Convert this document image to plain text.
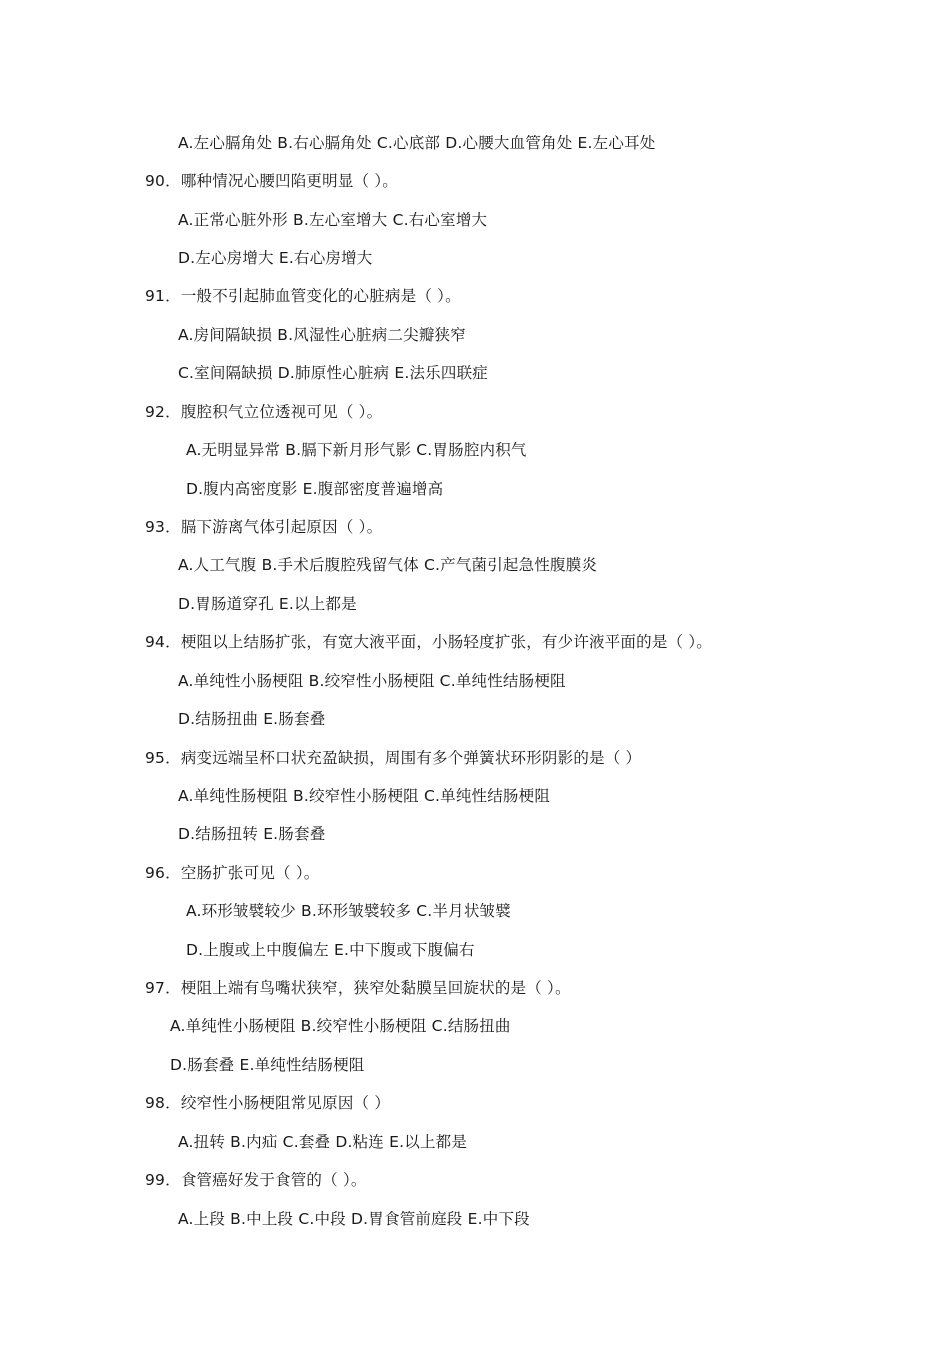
A.左心膈角处 B.右心膈角处 C.心底部 D.心腰大血管角处 E.左心耳处
90．哪种情况心腰凹陷更明显（ ）。
A.正常心脏外形 B.左心室增大 C.右心室增大
D.左心房增大 E.右心房增大
91．一般不引起肺血管变化的心脏病是（ ）。
A.房间隔缺损 B.风湿性心脏病二尖瓣狭窄
C.室间隔缺损 D.肺原性心脏病 E.法乐四联症
92．腹腔积气立位透视可见（ ）。
A.无明显异常 B.膈下新月形气影 C.胃肠腔内积气
D.腹内高密度影 E.腹部密度普遍增高
93．膈下游离气体引起原因（ ）。
A.人工气腹 B.手术后腹腔残留气体 C.产气菌引起急性腹膜炎
D.胃肠道穿孔 E.以上都是
94．梗阻以上结肠扩张，有宽大液平面，小肠轻度扩张，有少许液平面的是（ ）。
A.单纯性小肠梗阻 B.绞窄性小肠梗阻 C.单纯性结肠梗阻
D.结肠扭曲 E.肠套叠
95．病变远端呈杯口状充盈缺损，周围有多个弹簧状环形阴影的是（ ）
A.单纯性肠梗阻 B.绞窄性小肠梗阻 C.单纯性结肠梗阻
D.结肠扭转 E.肠套叠
96．空肠扩张可见（ ）。
A.环形皱襞较少 B.环形皱襞较多 C.半月状皱襞
D.上腹或上中腹偏左 E.中下腹或下腹偏右
97．梗阻上端有鸟嘴状狭窄，狭窄处黏膜呈回旋状的是（ ）。
A.单纯性小肠梗阻 B.绞窄性小肠梗阻 C.结肠扭曲
D.肠套叠 E.单纯性结肠梗阻
98．绞窄性小肠梗阻常见原因（ ）
A.扭转 B.内疝 C.套叠 D.粘连 E.以上都是
99．食管癌好发于食管的（ ）。
A.上段 B.中上段 C.中段 D.胃食管前庭段 E.中下段
